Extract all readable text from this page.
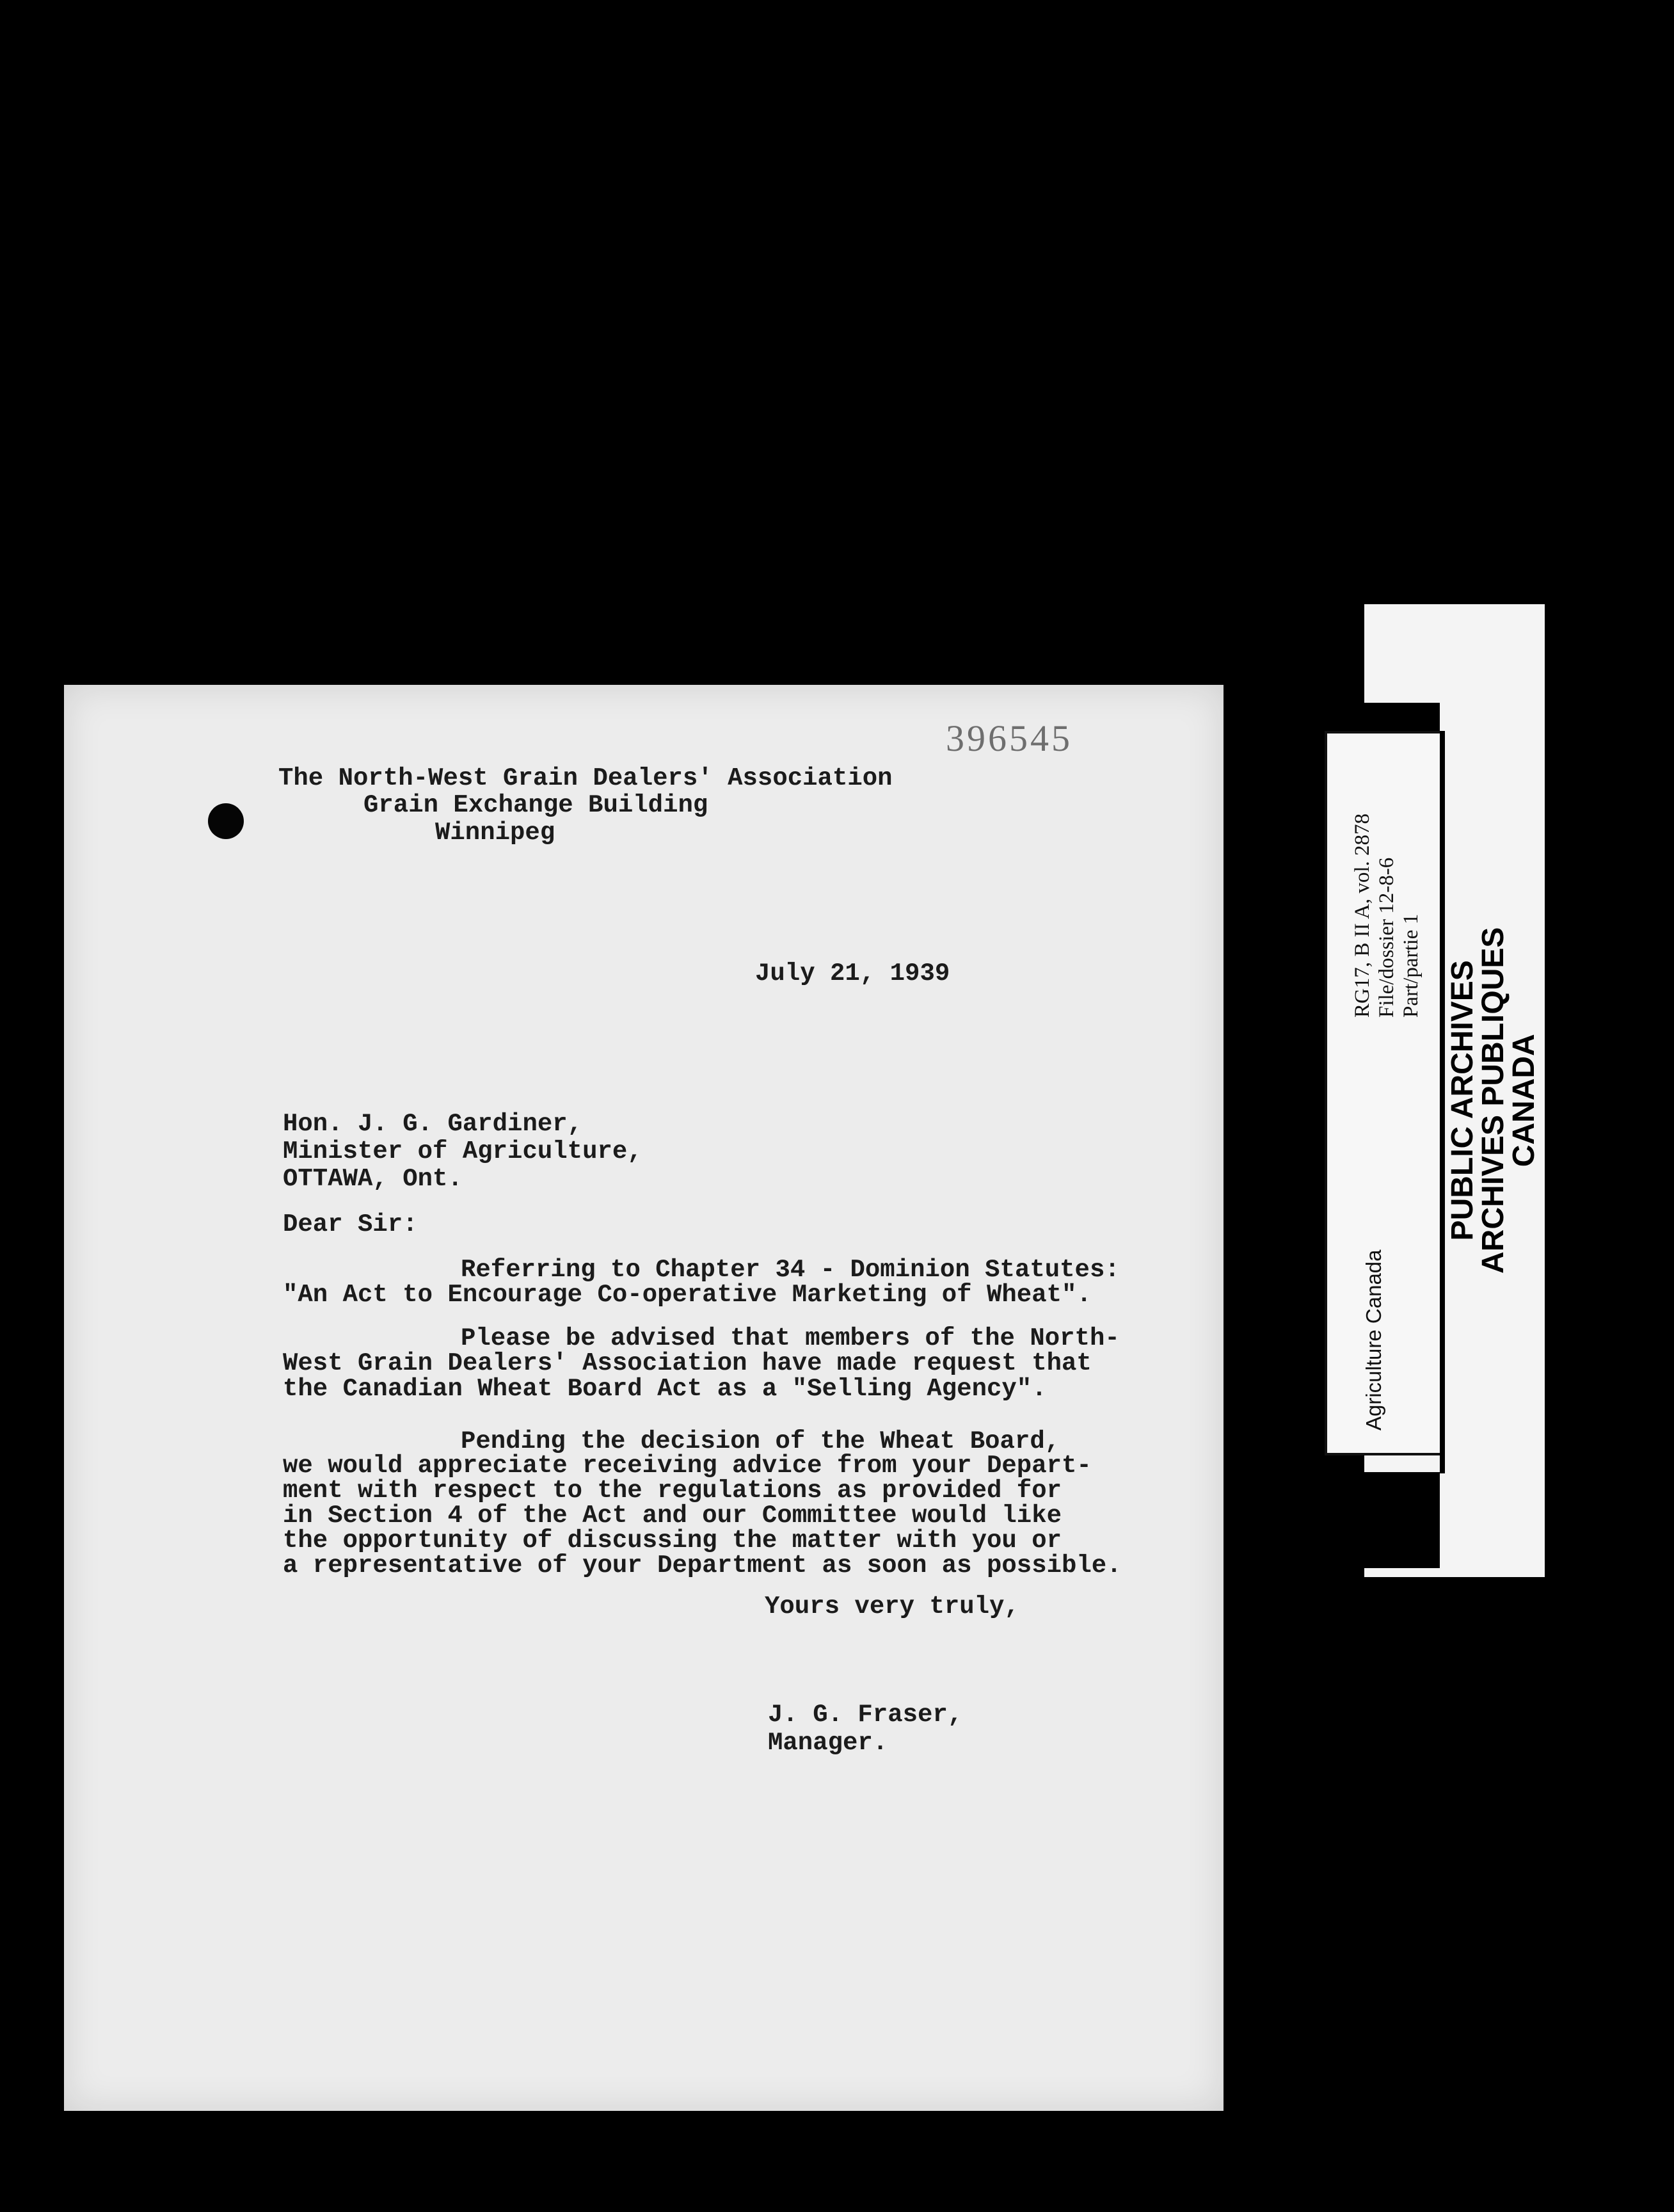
396545
The North-West Grain Dealers' Association
Grain Exchange Building
Winnipeg
July 21, 1939
Hon. J. G. Gardiner,
Minister of Agriculture,
OTTAWA, Ont.
Dear Sir:
Referring to Chapter 34 - Dominion Statutes:
"An Act to Encourage Co-operative Marketing of Wheat".
Please be advised that members of the North-
West Grain Dealers' Association have made request that
the Canadian Wheat Board Act as a "Selling Agency".
Pending the decision of the Wheat Board,
we would appreciate receiving advice from your Depart-
ment with respect to the regulations as provided for
in Section 4 of the Act and our Committee would like
the opportunity of discussing the matter with you or
a representative of your Department as soon as possible.
Yours very truly,
J. G. Fraser,
Manager.
RG17, B II A, vol. 2878 File/dossier 12-8-6 Part/partie 1
Agriculture Canada
PUBLIC ARCHIVES
ARCHIVES PUBLIQUES
CANADA
